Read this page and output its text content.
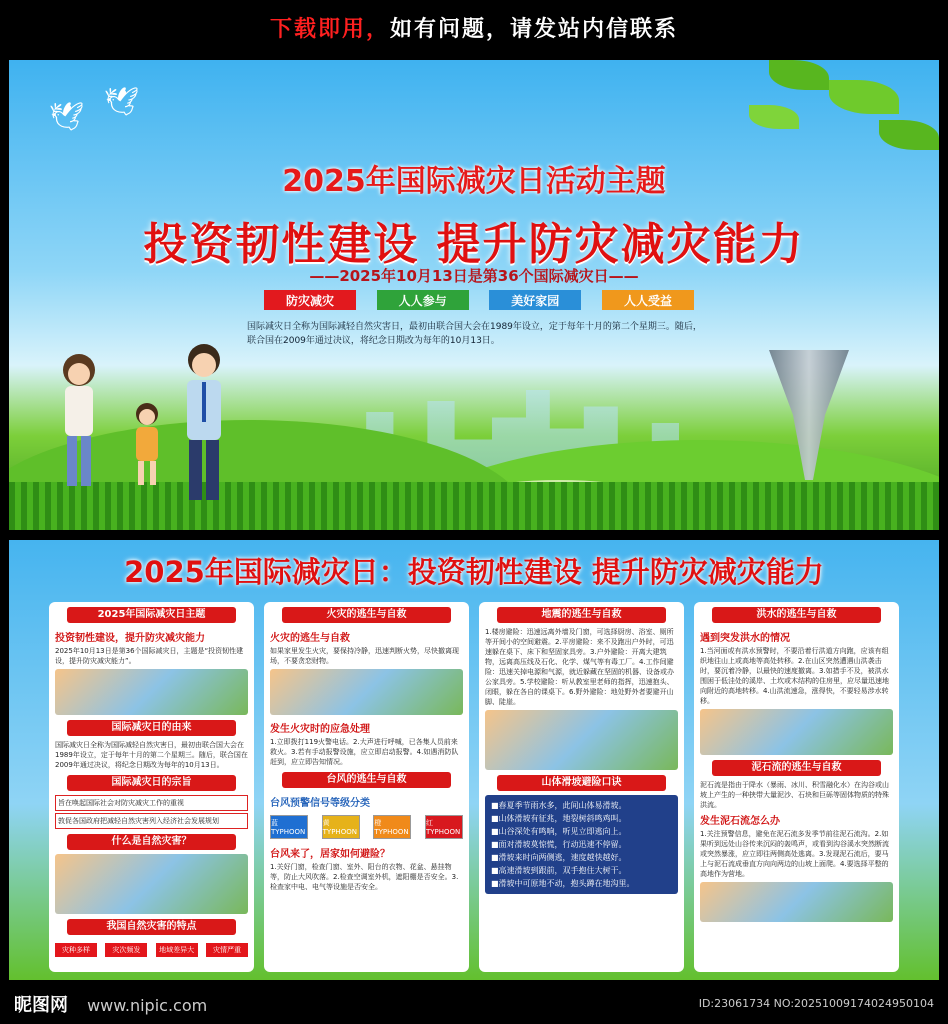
下载即用，如有问题，请发站内信联系
🕊 🕊
2025年国际减灾日活动主题
投资韧性建设 提升防灾减灾能力
——2025年10月13日是第36个国际减灾日——
防灾减灾	人人参与	美好家园	人人受益
国际减灾日全称为国际减轻自然灾害日，最初由联合国大会在1989年设立，定于每年十月的第二个星期三。随后，联合国在2009年通过决议，将纪念日期改为每年的10月13日。
2025年国际减灾日：投资韧性建设 提升防灾减灾能力
2025年国际减灾日主题
投资韧性建设，提升防灾减灾能力
2025年10月13日是第36个国际减灾日，主题是“投资韧性建设，提升防灾减灾能力”。
国际减灾日的由来
国际减灾日全称为国际减轻自然灾害日，最初由联合国大会在1989年设立，定于每年十月的第二个星期三。随后，联合国在2009年通过决议，将纪念日期改为每年的10月13日。
国际减灾日的宗旨
旨在唤起国际社会对防灾减灾工作的重视
敦促各国政府把减轻自然灾害列入经济社会发展规划
什么是自然灾害？
我国自然灾害的特点
灾种多样	灾次频发	地域差异大	灾情严重
火灾的逃生与自救
火灾的逃生与自救
如果家里发生火灾，要保持冷静，迅速判断火势，尽快撤离现场，不要贪恋财物。
发生火灾时的应急处理
1.立即拨打119火警电话。2.大声进行呼喊，已各集人员前来救火。3.若有手动报警设施，应立即启动报警。4.如遇消防队赶到，应立即告知情况。
台风的逃生与自救
台风预警信号等级分类
蓝 TYPHOON
黄 TYPHOON
橙 TYPHOON
红 TYPHOON
台风来了，居家如何避险？
1.关好门窗，检查门窗、室外、阳台的衣物、花盆、悬挂物等，防止大风吹落。2.检查空调室外机，遮阳棚是否安全。3.检查家中电、电气等设施是否安全。
地震的逃生与自救
1.楼房避险：迅速远离外墙及门窗，可选择厨房、浴室、厕所等开间小的空间避震。2.平房避险：来不及跑出户外时，可迅速躲在桌下、床下和坚固家具旁。3.户外避险：开离大建筑物，远离高压线及石化、化学、煤气等有毒工厂。4.工作间避险：迅速关掉电源和气源，就近躲藏在坚固的机器、设备或办公家具旁。5.学校避险：听从教室里老师的指挥，迅速抱头、闭眼，躲在各自的课桌下。6.野外避险：地处野外者要避开山脚、陡崖。
山体滑坡避险口诀
■春夏季节雨水多，此间山体易滑坡。
■山体滑坡有征兆，地裂树斜鸣鸡叫。
■山谷深处有鸣响，听见立即逃向上。
■面对滑坡莫惊慌，行动迅速不停留。
■滑坡来时向两侧逃，速度越快越好。
■高速滑坡到跟前，双手抱住大树干。
■滑坡中可原地不动，抱头蹲在地沟里。
洪水的逃生与自救
遇到突发洪水的情况
1.当河面或有洪水预警时，不要沿着行洪道方向跑，应该有组织地往山上或高地等高处转移。2.在山区突然遭遇山洪袭击时，要沉着冷静，以最快的速度撤离。3.如措手不及，被洪水围困于低洼处的溪岸、土坎或木结构的住房里，应尽量迅速地向附近的高地转移。4.山洪流速急，涨得快，不要轻易涉水转移。
泥石流的逃生与自救
泥石流是指由于降水（暴雨、冰川、积雪融化水）在沟谷或山坡上产生的一种挟带大量泥沙、石块和巨砾等固体物质的特殊洪流。
发生泥石流怎么办
1.关注预警信息，避免在泥石流多发季节前往泥石流沟。2.如果听到远处山谷传来沉闷的轰鸣声，或看到沟谷溪水突然断流或突然暴涨，应立即往两侧高处逃离。3.发现泥石流后，要马上与泥石流成垂直方向向两边的山坡上面爬。4.要选择平整的高地作为营地。
昵图网 www.nipic.com	ID:23061734 NO:20251009174024950104
